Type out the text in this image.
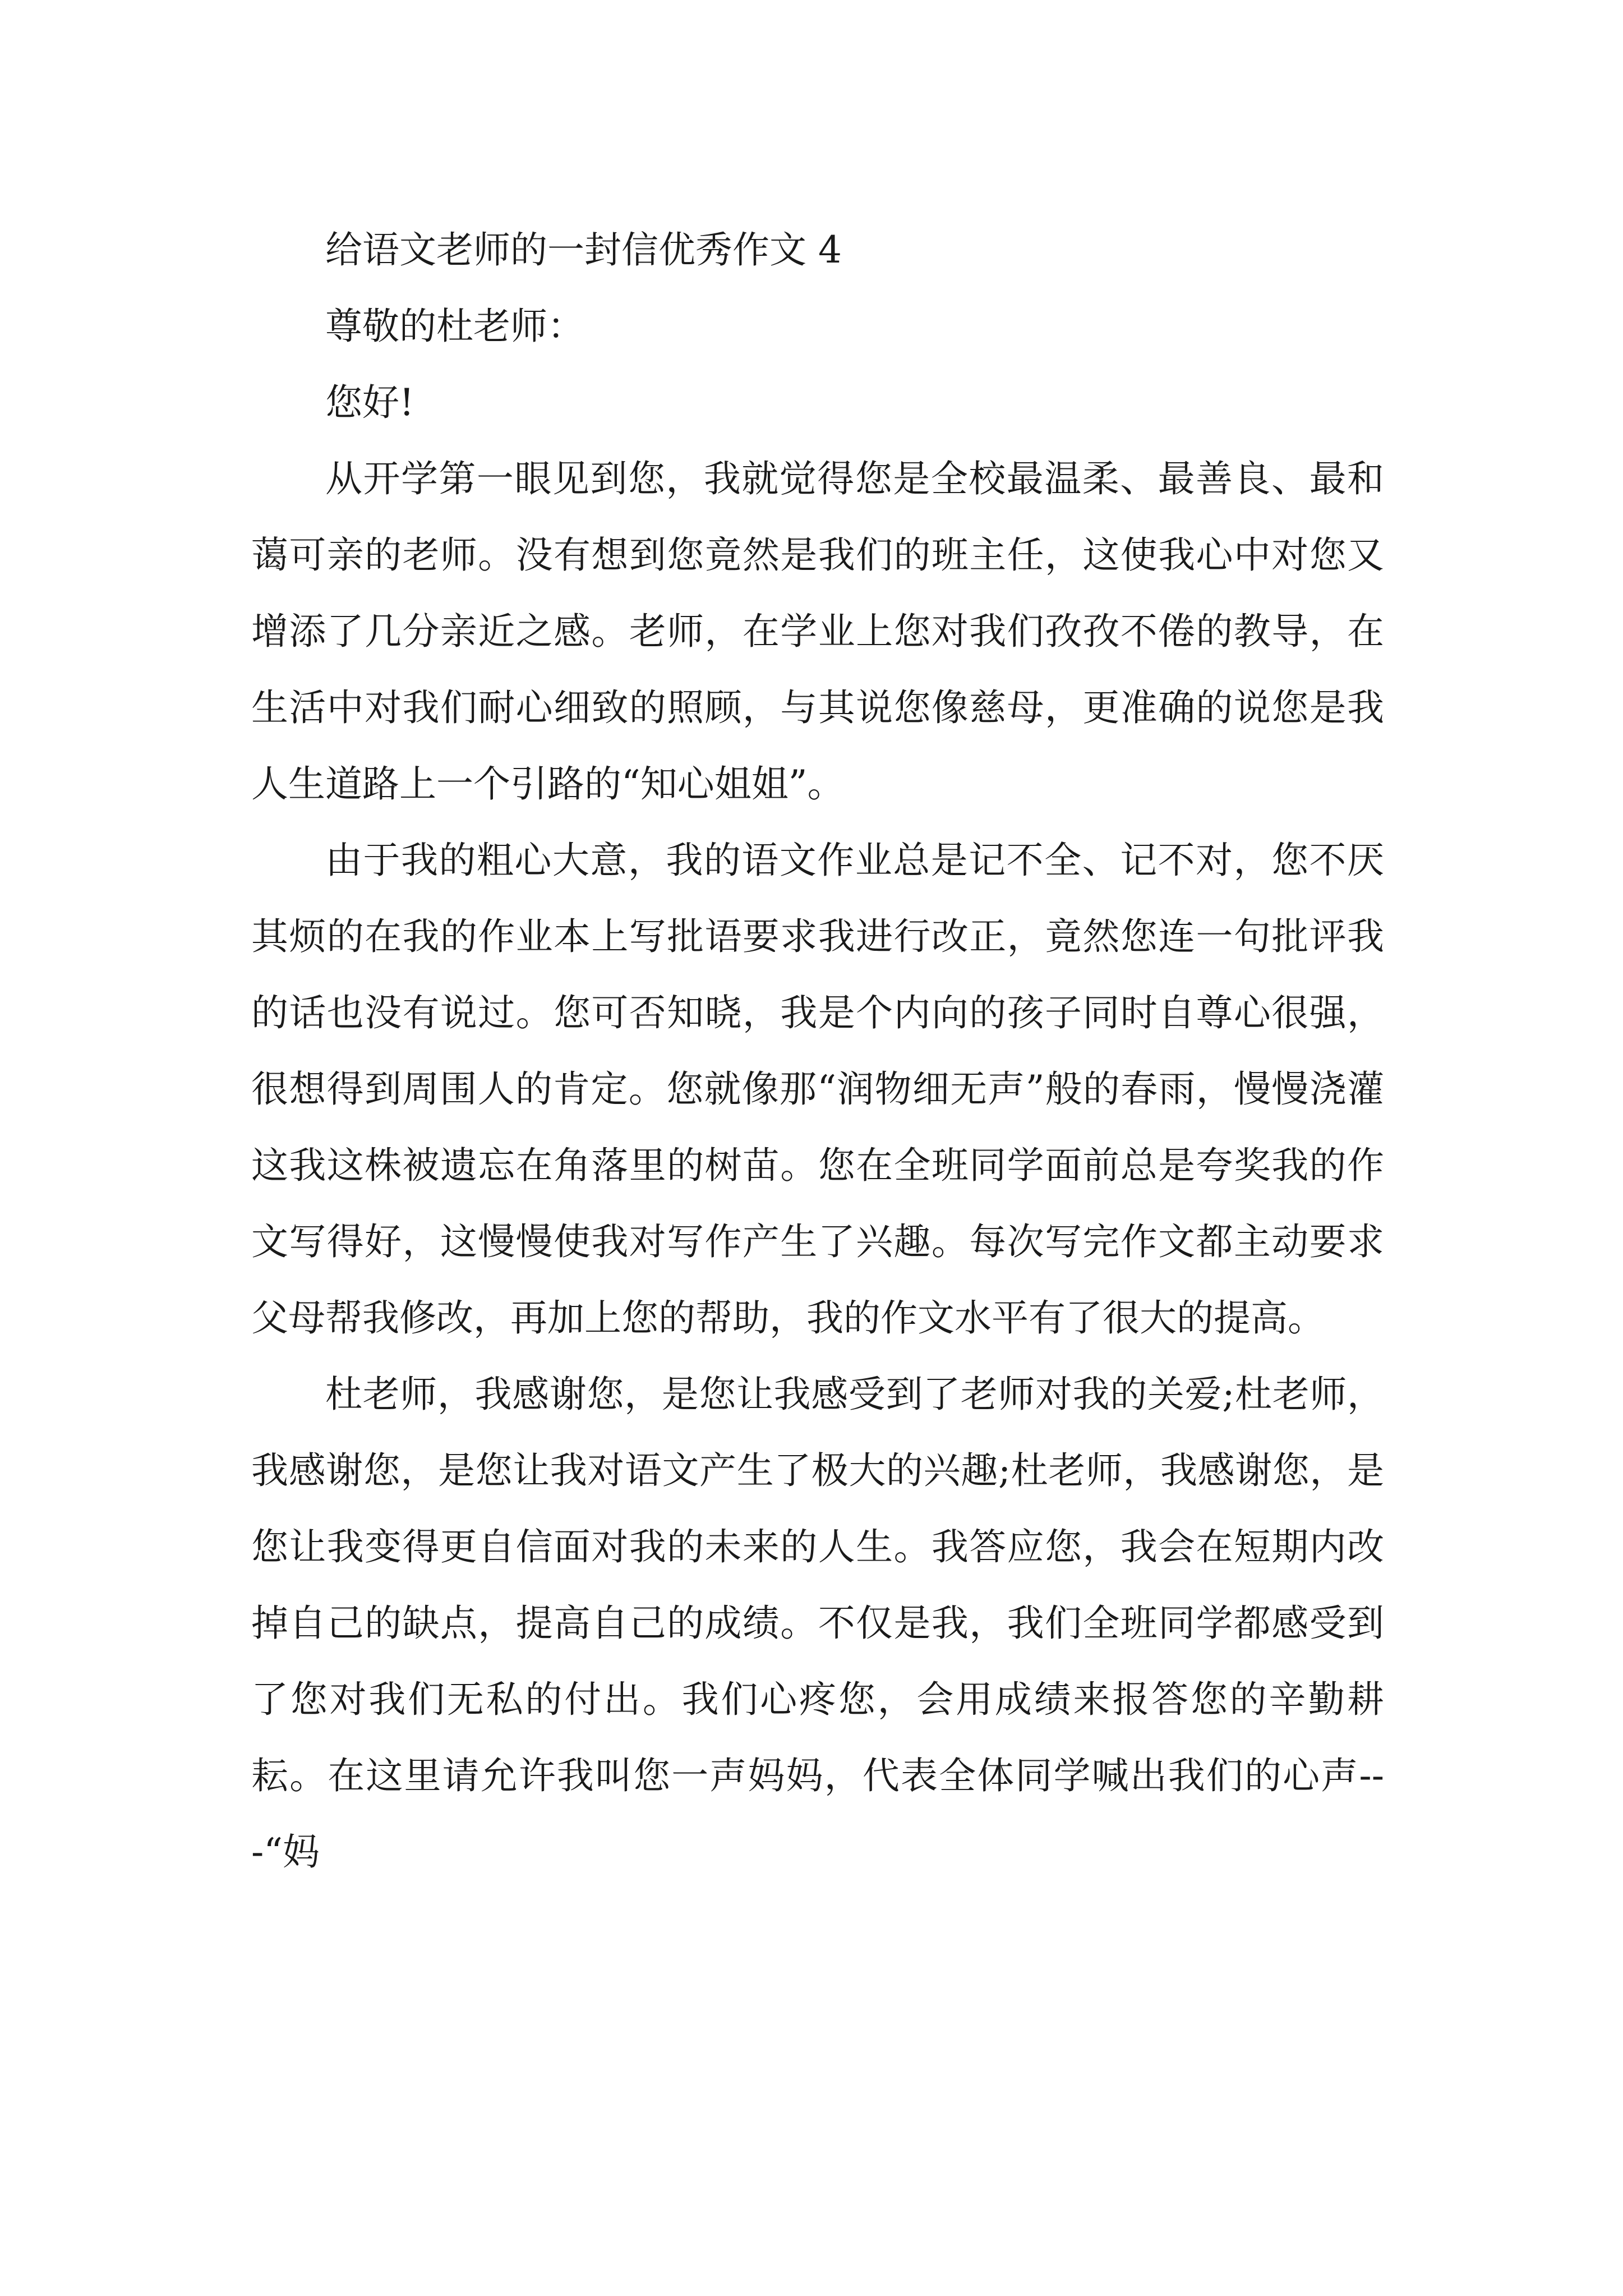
给语文老师的一封信优秀作文 4

尊敬的杜老师：

您好!

从开学第一眼见到您，我就觉得您是全校最温柔、最善良、最和蔼可亲的老师。没有想到您竟然是我们的班主任，这使我心中对您又增添了几分亲近之感。老师，在学业上您对我们孜孜不倦的教导，在生活中对我们耐心细致的照顾，与其说您像慈母，更准确的说您是我人生道路上一个引路的“知心姐姐”。

由于我的粗心大意，我的语文作业总是记不全、记不对，您不厌其烦的在我的作业本上写批语要求我进行改正，竟然您连一句批评我的话也没有说过。您可否知晓，我是个内向的孩子同时自尊心很强，很想得到周围人的肯定。您就像那“润物细无声”般的春雨，慢慢浇灌这我这株被遗忘在角落里的树苗。您在全班同学面前总是夸奖我的作文写得好，这慢慢使我对写作产生了兴趣。每次写完作文都主动要求父母帮我修改，再加上您的帮助，我的作文水平有了很大的提高。

杜老师，我感谢您，是您让我感受到了老师对我的关爱;杜老师，我感谢您，是您让我对语文产生了极大的兴趣;杜老师，我感谢您，是您让我变得更自信面对我的未来的人生。我答应您，我会在短期内改掉自己的缺点，提高自己的成绩。不仅是我，我们全班同学都感受到了您对我们无私的付出。我们心疼您，会用成绩来报答您的辛勤耕耘。在这里请允许我叫您一声妈妈，代表全体同学喊出我们的心声---“妈
